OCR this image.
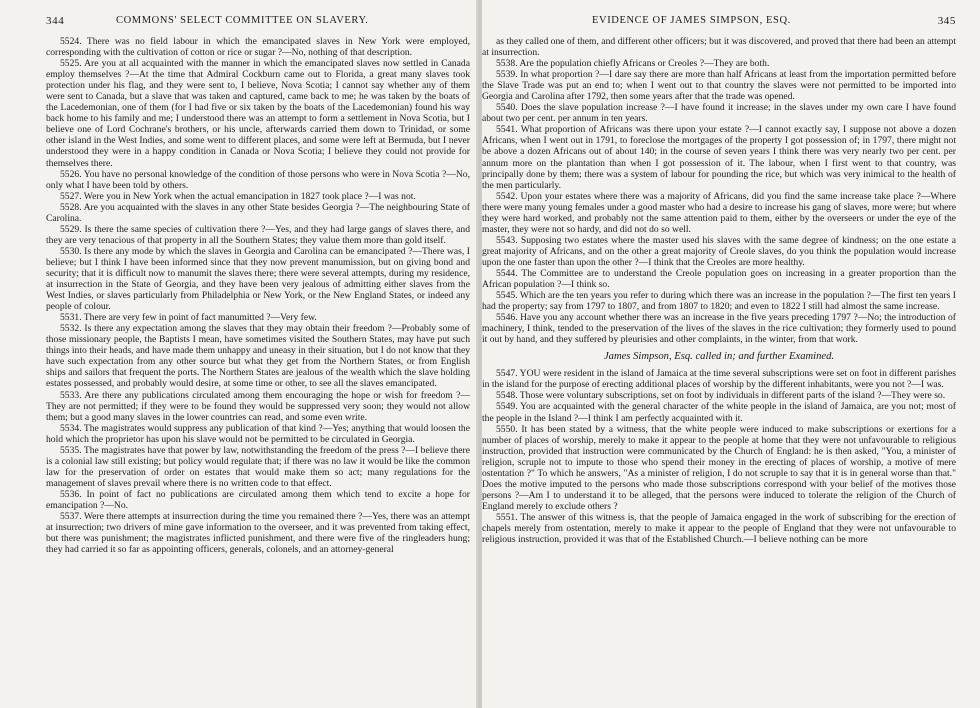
344	COMMONS' SELECT COMMITTEE ON SLAVERY.

5524. There was no field labour in which the emancipated slaves in New York were employed, corresponding with the cultivation of cotton or rice or sugar ?—No, nothing of that description.

5525. Are you at all acquainted with the manner in which the emancipated slaves now settled in Canada employ themselves ?—At the time that Admiral Cockburn came out to Florida, a great many slaves took protection under his flag, and they were sent to, I believe, Nova Scotia; I cannot say whether any of them were sent to Canada, but a slave that was taken and captured, came back to me; he was taken by the boats of the Lacedemonian, one of them (for I had five or six taken by the boats of the Lacedemonian) found his way back home to his family and me; I understood there was an attempt to form a settlement in Nova Scotia, but I believe one of Lord Cochrane's brothers, or his uncle, afterwards carried them down to Trinidad, or some other island in the West Indies, and some went to different places, and some were left at Bermuda, but I never understood they were in a happy condition in Canada or Nova Scotia; I believe they could not provide for themselves there.

5526. You have no personal knowledge of the condition of those persons who were in Nova Scotia ?—No, only what I have been told by others.

5527. Were you in New York when the actual emancipation in 1827 took place ?—I was not.

5528. Are you acquainted with the slaves in any other State besides Georgia ?—The neighbouring State of Carolina.

5529. Is there the same species of cultivation there ?—Yes, and they had large gangs of slaves there, and they are very tenacious of that property in all the Southern States; they value them more than gold itself.

5530. Is there any mode by which the slaves in Georgia and Carolina can be emancipated ?—There was, I believe; but I think I have been informed since that they now prevent manumission, but on giving bond and security; that it is difficult now to manumit the slaves there; there were several attempts, during my residence, at insurrection in the State of Georgia, and they have been very jealous of admitting either slaves from the West Indies, or slaves particularly from Philadelphia or New York, or the New England States, or indeed any people of colour.

5531. There are very few in point of fact manumitted ?—Very few.

5532. Is there any expectation among the slaves that they may obtain their freedom ?—Probably some of those missionary people, the Baptists I mean, have sometimes visited the Southern States, may have put such things into their heads, and have made them unhappy and uneasy in their situation, but I do not know that they have such expectation from any other source but what they get from the Northern States, or from English ships and sailors that frequent the ports. The Northern States are jealous of the wealth which the slave holding estates possessed, and probably would desire, at some time or other, to see all the slaves emancipated.

5533. Are there any publications circulated among them encouraging the hope or wish for freedom ?—They are not permitted; if they were to be found they would be suppressed very soon; they would not allow them; but a good many slaves in the lower countries can read, and some even write.

5534. The magistrates would suppress any publication of that kind ?—Yes; anything that would loosen the hold which the proprietor has upon his slave would not be permitted to be circulated in Georgia.

5535. The magistrates have that power by law, notwithstanding the freedom of the press ?—I believe there is a colonial law still existing; but policy would regulate that; if there was no law it would be like the common law for the preservation of order on estates that would make them so act; many regulations for the management of slaves prevail where there is no written code to that effect.

5536. In point of fact no publications are circulated among them which tend to excite a hope for emancipation ?—No.

5537. Were there attempts at insurrection during the time you remained there ?—Yes, there was an attempt at insurrection; two drivers of mine gave information to the overseer, and it was prevented from taking effect, but there was punishment; the magistrates inflicted punishment, and there were five of the ringleaders hung; they had carried it so far as appointing officers, generals, colonels, and an attorney-general

EVIDENCE OF JAMES SIMPSON, ESQ.	345

as they called one of them, and different other officers; but it was discovered, and proved that there had been an attempt at insurrection.

5538. Are the population chiefly Africans or Creoles ?—They are both.

5539. In what proportion ?—I dare say there are more than half Africans at least from the importation permitted before the Slave Trade was put an end to; when I went out to that country the slaves were not permitted to be imported into Georgia and Carolina after 1792, then some years after that the trade was opened.

5540. Does the slave population increase ?—I have found it increase; in the slaves under my own care I have found about two per cent. per annum in ten years.

5541. What proportion of Africans was there upon your estate ?—I cannot exactly say, I suppose not above a dozen Africans, when I went out in 1791, to foreclose the mortgages of the property I got possession of; in 1797, there might not be above a dozen Africans out of about 140; in the course of seven years I think there was very nearly two per cent. per annum more on the plantation than when I got possession of it. The labour, when I first went to that country, was principally done by them; there was a system of labour for pounding the rice, but which was very inimical to the health of the men particularly.

5542. Upon your estates where there was a majority of Africans, did you find the same increase take place ?—Where there were many young females under a good master who had a desire to increase his gang of slaves, more were; but where they were hard worked, and probably not the same attention paid to them, either by the overseers or under the eye of the master, they were not so hardy, and did not do so well.

5543. Supposing two estates where the master used his slaves with the same degree of kindness; on the one estate a great majority of Africans, and on the other a great majority of Creole slaves, do you think the population would increase upon the one faster than upon the other ?—I think that the Creoles are more healthy.

5544. The Committee are to understand the Creole population goes on increasing in a greater proportion than the African population ?—I think so.

5545. Which are the ten years you refer to during which there was an increase in the population ?—The first ten years I had the property; say from 1797 to 1807, and from 1807 to 1820; and even to 1822 I still had almost the same increase.

5546. Have you any account whether there was an increase in the five years preceding 1797 ?—No; the introduction of machinery, I think, tended to the preservation of the lives of the slaves in the rice cultivation; they formerly used to pound it out by hand, and they suffered by pleurisies and other complaints, in the winter, from that work.

James Simpson, Esq. called in; and further Examined.

5547. YOU were resident in the island of Jamaica at the time several subscriptions were set on foot in different parishes in the island for the purpose of erecting additional places of worship by the different inhabitants, were you not ?—I was.

5548. Those were voluntary subscriptions, set on foot by individuals in different parts of the island ?—They were so.

5549. You are acquainted with the general character of the white people in the island of Jamaica, are you not; most of the people in the Island ?—I think I am perfectly acquainted with it.

5550. It has been stated by a witness, that the white people were induced to make subscriptions or exertions for a number of places of worship, merely to make it appear to the people at home that they were not unfavourable to religious instruction, provided that instruction were communicated by the Church of England: he is then asked, "You, a minister of religion, scruple not to impute to those who spend their money in the erecting of places of worship, a motive of mere ostentation ?" To which he answers, "As a minister of religion, I do not scruple to say that it is in general worse than that." Does the motive imputed to the persons who made those subscriptions correspond with your belief of the motives those persons ?—Am I to understand it to be alleged, that the persons were induced to tolerate the religion of the Church of England merely to exclude others ?

5551. The answer of this witness is, that the people of Jamaica engaged in the work of subscribing for the erection of chapels merely from ostentation, merely to make it appear to the people of England that they were not unfavourable to religious instruction, provided it was that of the Established Church.—I believe nothing can be more
